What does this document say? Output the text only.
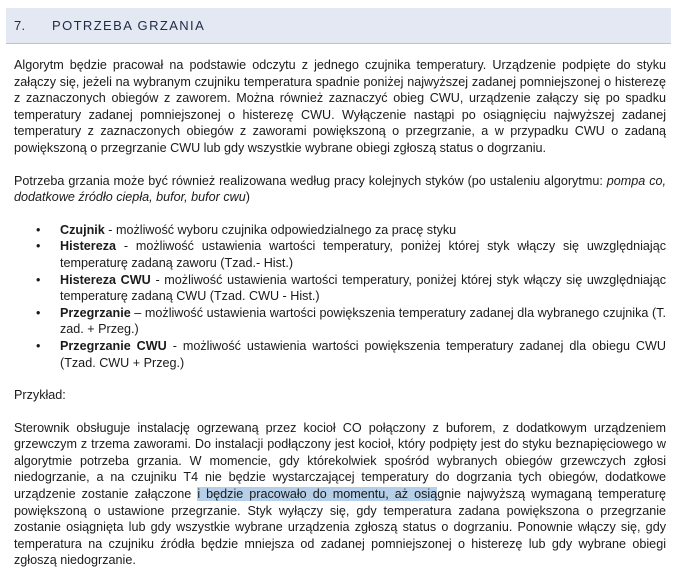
7. POTRZEBA GRZANIA

Algorytm będzie pracował na podstawie odczytu z jednego czujnika temperatury. Urządzenie podpięte do styku załączy się, jeżeli na wybranym czujniku temperatura spadnie poniżej najwyższej zadanej pomniejszonej o histerezę z zaznaczonych obiegów z zaworem. Można również zaznaczyć obieg CWU, urządzenie załączy się po spadku temperatury zadanej pomniejszonej o histerezę CWU. Wyłączenie nastąpi po osiągnięciu najwyższej zadanej temperatury z zaznaczonych obiegów z zaworami powiększoną o przegrzanie, a w przypadku CWU o zadaną powiększoną o przegrzanie CWU lub gdy wszystkie wybrane obiegi zgłoszą status o dogrzaniu.

Potrzeba grzania może być również realizowana według pracy kolejnych styków (po ustaleniu algorytmu: pompa co, dodatkowe źródło ciepła, bufor, bufor cwu)

• Czujnik - możliwość wyboru czujnika odpowiedzialnego za pracę styku
• Histereza - możliwość ustawienia wartości temperatury, poniżej której styk włączy się uwzględniając temperaturę zadaną zaworu (Tzad.- Hist.)
• Histereza CWU - możliwość ustawienia wartości temperatury, poniżej której styk włączy się uwzględniając temperaturę zadaną CWU (Tzad. CWU - Hist.)
• Przegrzanie – możliwość ustawienia wartości powiększenia temperatury zadanej dla wybranego czujnika (T. zad. + Przeg.)
• Przegrzanie CWU - możliwość ustawienia wartości powiększenia temperatury zadanej dla obiegu CWU (Tzad. CWU + Przeg.)

Przykład:

Sterownik obsługuje instalację ogrzewaną przez kocioł CO połączony z buforem, z dodatkowym urządzeniem grzewczym z trzema zaworami. Do instalacji podłączony jest kocioł, który podpięty jest do styku beznapięciowego w algorytmie potrzeba grzania. W momencie, gdy którekolwiek spośród wybranych obiegów grzewczych zgłosi niedogrzanie, a na czujniku T4 nie będzie wystarczającej temperatury do dogrzania tych obiegów, dodatkowe urządzenie zostanie załączone i będzie pracowało do momentu, aż osiągnie najwyższą wymaganą temperaturę powiększoną o ustawione przegrzanie. Styk wyłączy się, gdy temperatura zadana powiększona o przegrzanie zostanie osiągnięta lub gdy wszystkie wybrane urządzenia zgłoszą status o dogrzaniu. Ponownie włączy się, gdy temperatura na czujniku źródła będzie mniejsza od zadanej pomniejszonej o histerezę lub gdy wybrane obiegi zgłoszą niedogrzanie.
